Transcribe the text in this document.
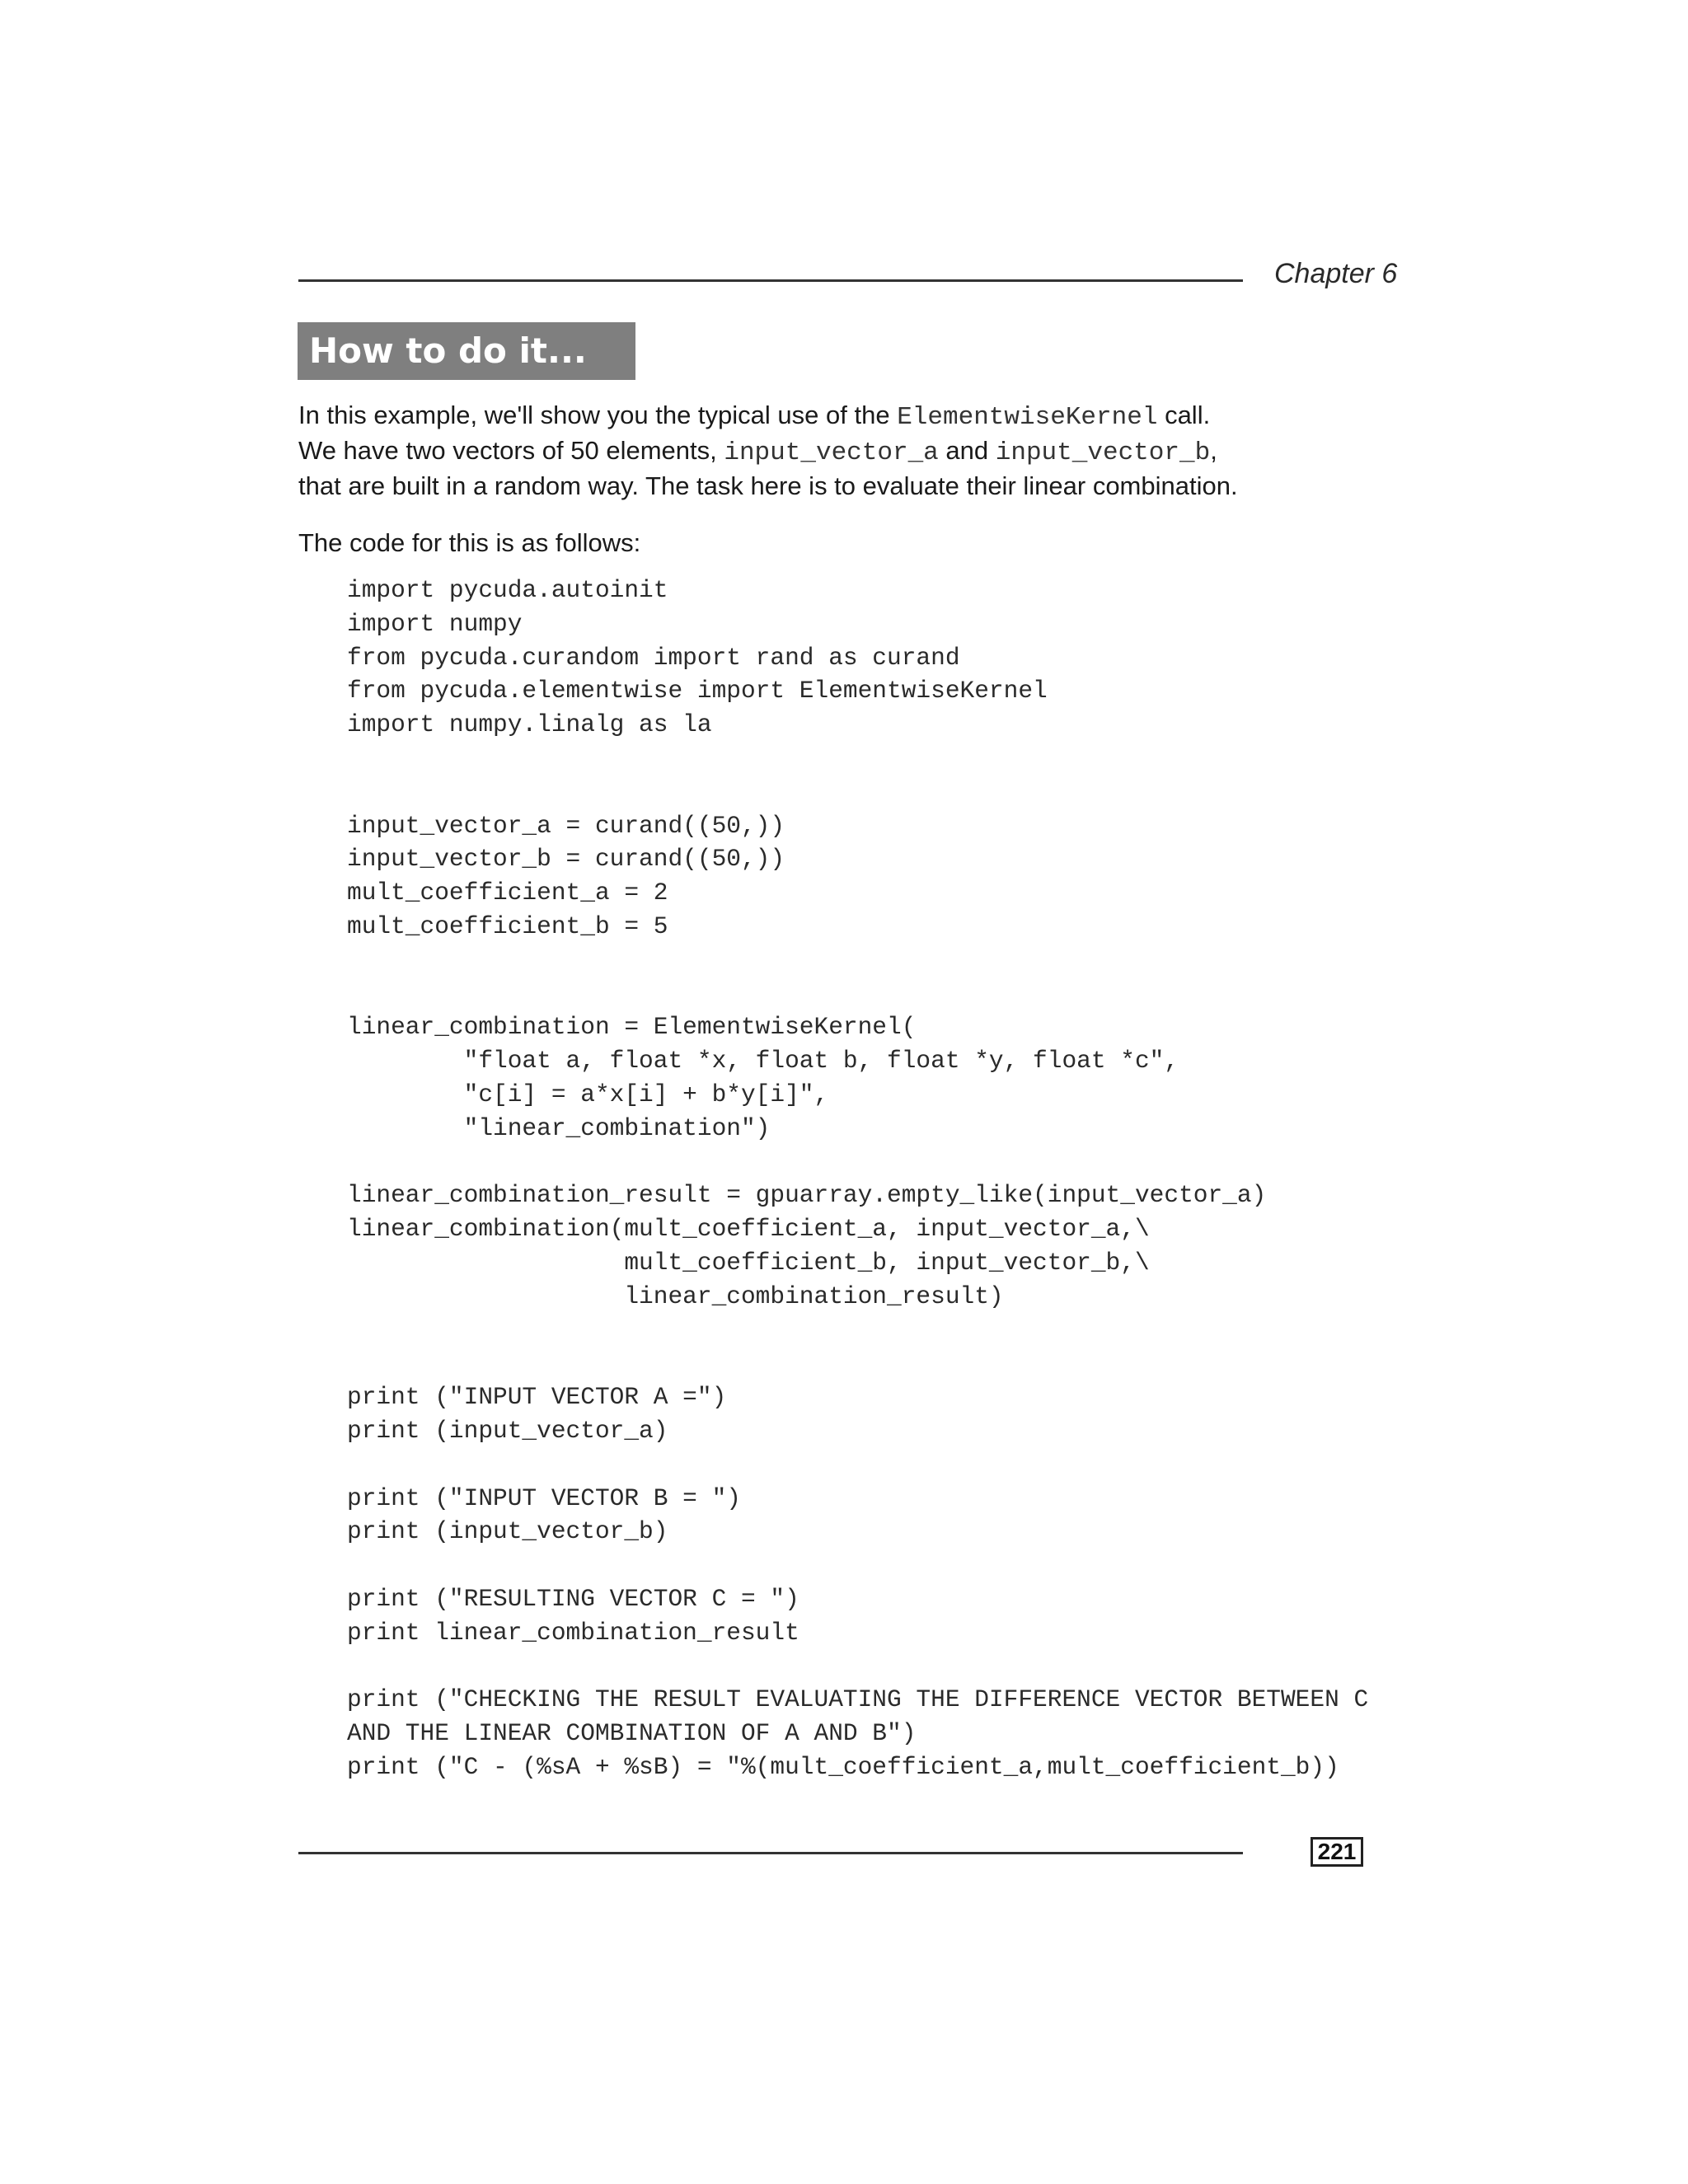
Chapter 6
How to do it...

In this example, we'll show you the typical use of the ElementwiseKernel call. We have two vectors of 50 elements, input_vector_a and input_vector_b, that are built in a random way. The task here is to evaluate their linear combination.

The code for this is as follows:

import pycuda.autoinit
import numpy
from pycuda.curandom import rand as curand
from pycuda.elementwise import ElementwiseKernel
import numpy.linalg as la

input_vector_a = curand((50,))
input_vector_b = curand((50,))
mult_coefficient_a = 2
mult_coefficient_b = 5

linear_combination = ElementwiseKernel(
"float a, float *x, float b, float *y, float *c",
"c[i] = a*x[i] + b*y[i]",
"linear_combination")

linear_combination_result = gpuarray.empty_like(input_vector_a)
linear_combination(mult_coefficient_a, input_vector_a,\
mult_coefficient_b, input_vector_b,\
linear_combination_result)

print ("INPUT VECTOR A =")
print (input_vector_a)

print ("INPUT VECTOR B = ")
print (input_vector_b)

print ("RESULTING VECTOR C = ")
print linear_combination_result

print ("CHECKING THE RESULT EVALUATING THE DIFFERENCE VECTOR BETWEEN C
AND THE LINEAR COMBINATION OF A AND B")
print ("C - (%sA + %sB) = "%(mult_coefficient_a,mult_coefficient_b))
221
